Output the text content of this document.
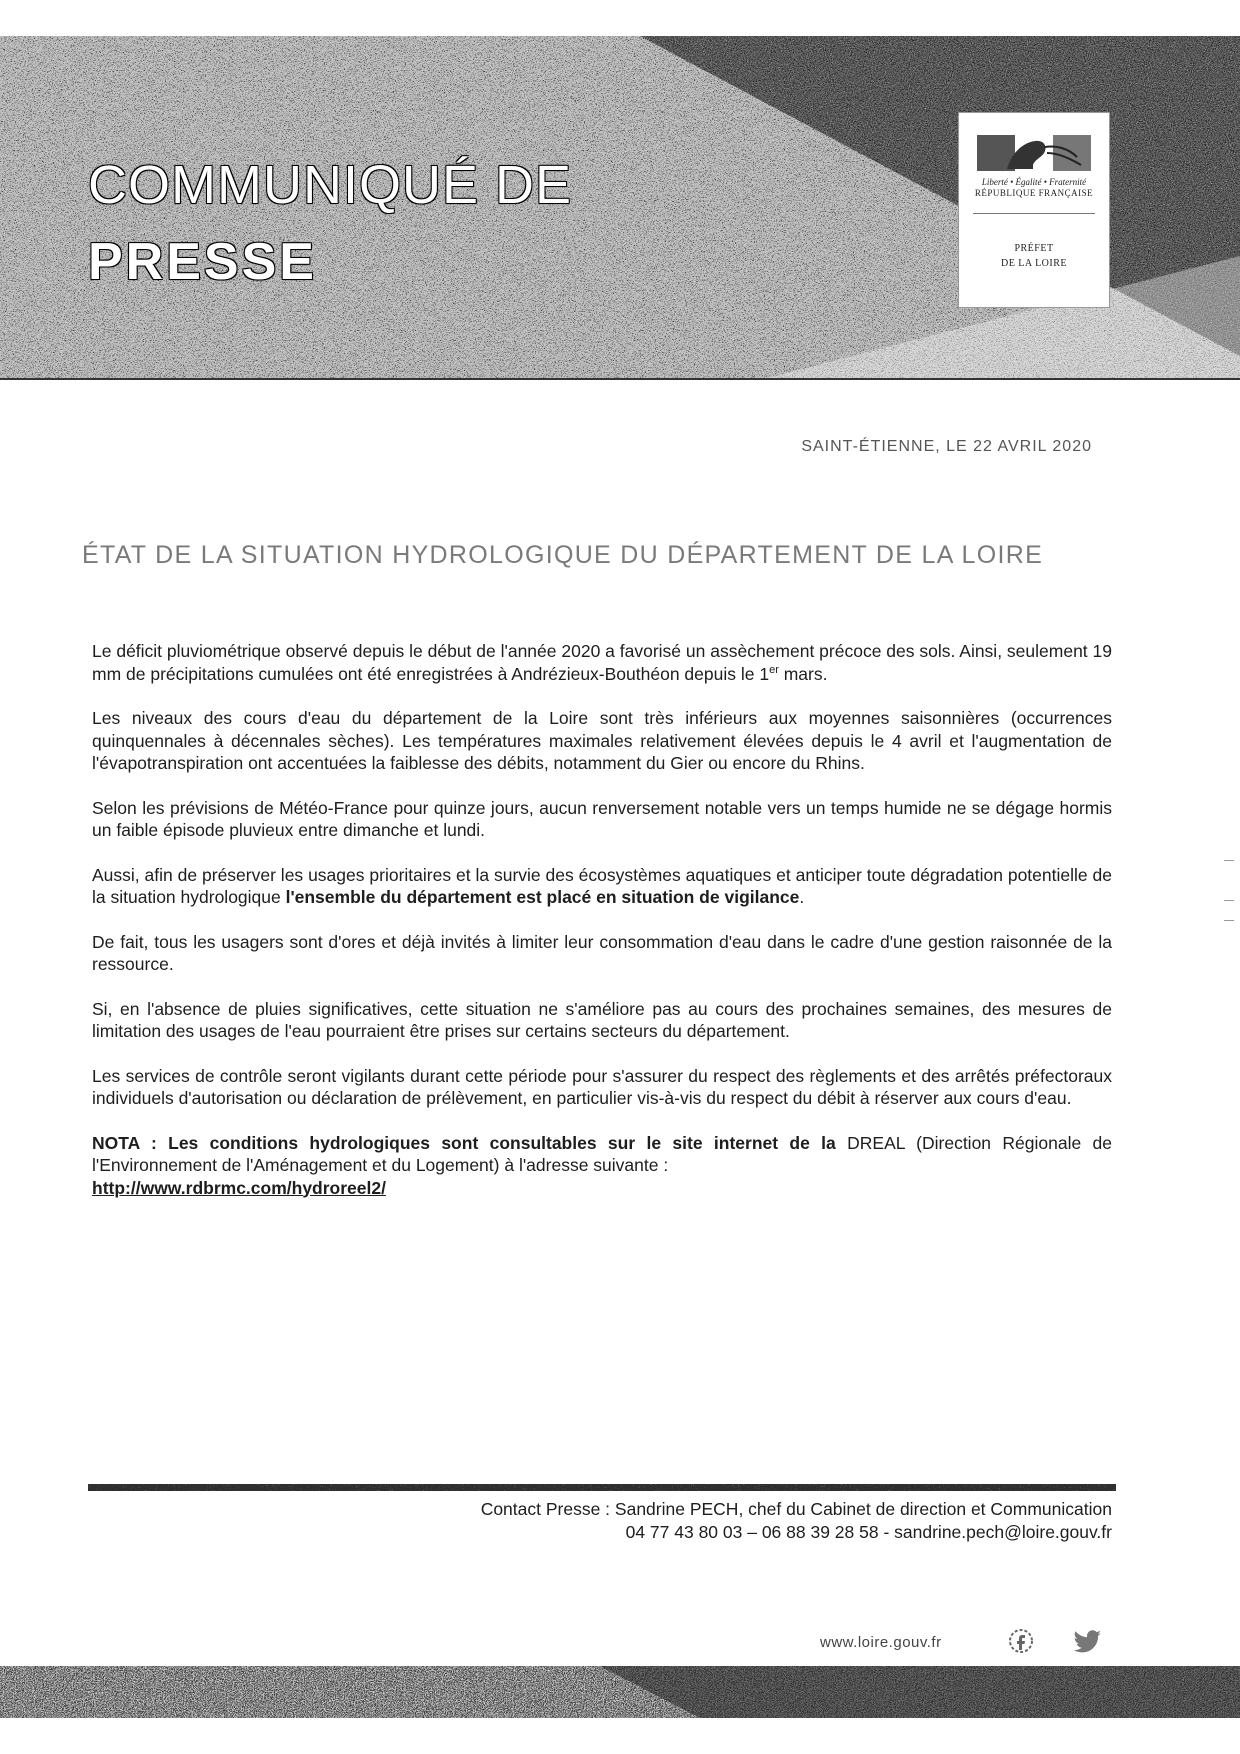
COMMUNIQUÉ DE
PRESSE
Liberté • Égalité • Fraternité
RÉPUBLIQUE FRANÇAISE
PRÉFET
DE LA LOIRE
SAINT-ÉTIENNE, LE 22 AVRIL 2020
ÉTAT DE LA SITUATION HYDROLOGIQUE DU DÉPARTEMENT DE LA LOIRE

Le déficit pluviométrique observé depuis le début de l'année 2020 a favorisé un assèchement précoce des sols. Ainsi, seulement 19 mm de précipitations cumulées ont été enregistrées à Andrézieux-Bouthéon depuis le 1er mars.

Les niveaux des cours d'eau du département de la Loire sont très inférieurs aux moyennes saisonnières (occurrences quinquennales à décennales sèches). Les températures maximales relativement élevées depuis le 4 avril et l'augmentation de l'évapotranspiration ont accentuées la faiblesse des débits, notamment du Gier ou encore du Rhins.

Selon les prévisions de Météo-France pour quinze jours, aucun renversement notable vers un temps humide ne se dégage hormis un faible épisode pluvieux entre dimanche et lundi.

Aussi, afin de préserver les usages prioritaires et la survie des écosystèmes aquatiques et anticiper toute dégradation potentielle de la situation hydrologique l'ensemble du département est placé en situation de vigilance.

De fait, tous les usagers sont d'ores et déjà invités à limiter leur consommation d'eau dans le cadre d'une gestion raisonnée de la ressource.

Si, en l'absence de pluies significatives, cette situation ne s'améliore pas au cours des prochaines semaines, des mesures de limitation des usages de l'eau pourraient être prises sur certains secteurs du département.

Les services de contrôle seront vigilants durant cette période pour s'assurer du respect des règlements et des arrêtés préfectoraux individuels d'autorisation ou déclaration de prélèvement, en particulier vis-à-vis du respect du débit à réserver aux cours d'eau.

NOTA : Les conditions hydrologiques sont consultables sur le site internet de la DREAL (Direction Régionale de l'Environnement de l'Aménagement et du Logement) à l'adresse suivante :
http://www.rdbrmc.com/hydroreel2/

Contact Presse : Sandrine PECH, chef du Cabinet de direction et Communication
04 77 43 80 03 – 06 88 39 28 58 - sandrine.pech@loire.gouv.fr
www.loire.gouv.fr
